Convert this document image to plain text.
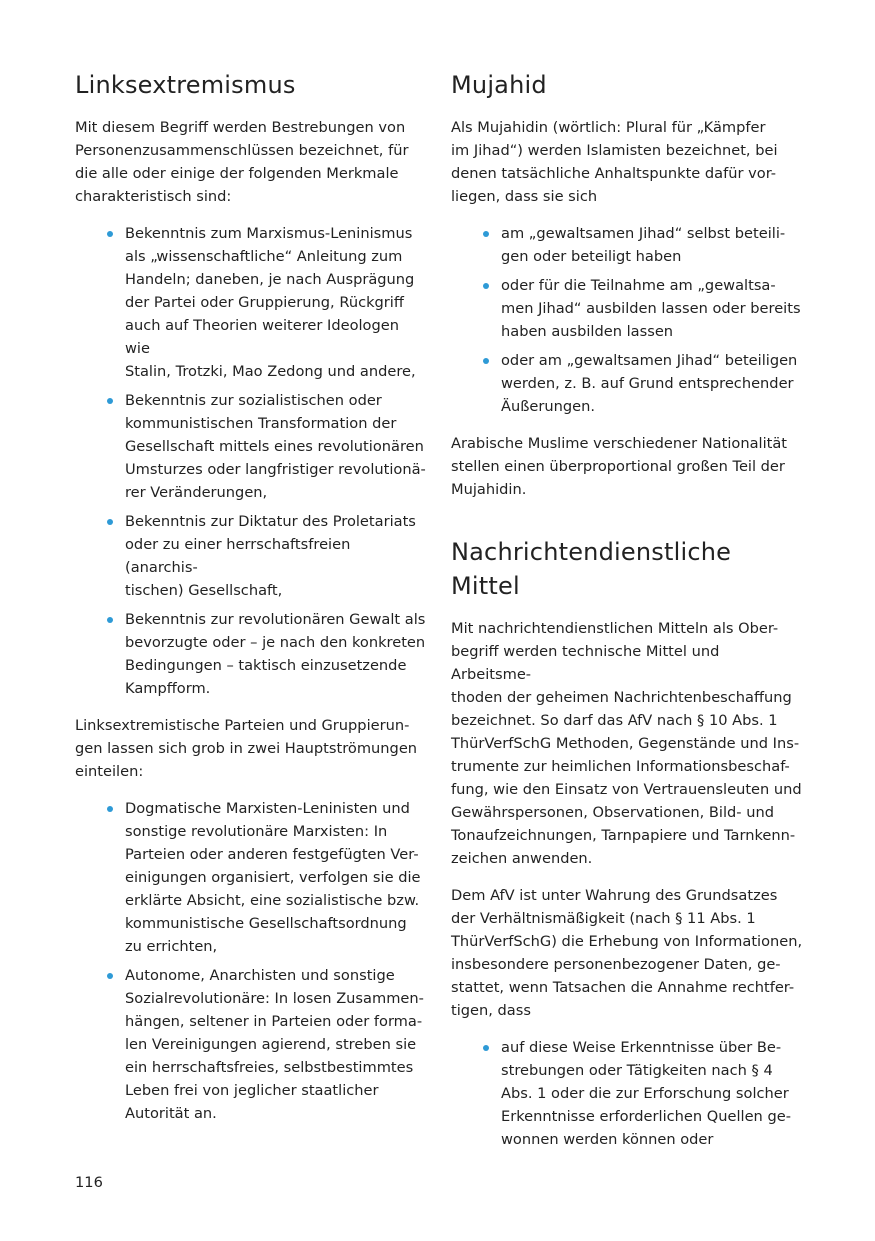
Linksextremismus

Mit diesem Begriff werden Bestrebungen von
Personenzusammenschlüssen bezeichnet, für
die alle oder einige der folgenden Merkmale
charakteristisch sind:

Bekenntnis zum Marxismus-Leninismus
als „wissenschaftliche“ Anleitung zum
Handeln; daneben, je nach Ausprägung
der Partei oder Gruppierung, Rückgriff
auch auf Theorien weiterer Ideologen wie
Stalin, Trotzki, Mao Zedong und andere,
Bekenntnis zur sozialistischen oder
kommunistischen Transformation der
Gesellschaft mittels eines revolutionären
Umsturzes oder langfristiger revolutionä-
rer Veränderungen,
Bekenntnis zur Diktatur des Proletariats
oder zu einer herrschaftsfreien (anarchis-
tischen) Gesellschaft,
Bekenntnis zur revolutionären Gewalt als
bevorzugte oder – je nach den konkreten
Bedingungen – taktisch einzusetzende
Kampfform.

Linksextremistische Parteien und Gruppierun-
gen lassen sich grob in zwei Hauptströmungen
einteilen:

Dogmatische Marxisten-Leninisten und
sonstige revolutionäre Marxisten: In
Parteien oder anderen festgefügten Ver-
einigungen organisiert, verfolgen sie die
erklärte Absicht, eine sozialistische bzw.
kommunistische Gesellschaftsordnung
zu errichten,
Autonome, Anarchisten und sonstige
Sozialrevolutionäre: In losen Zusammen-
hängen, seltener in Parteien oder forma-
len Vereinigungen agierend, streben sie
ein herrschaftsfreies, selbstbestimmtes
Leben frei von jeglicher staatlicher
Autorität an.
Mujahid

Als Mujahidin (wörtlich: Plural für „Kämpfer
im Jihad“) werden Islamisten bezeichnet, bei
denen tatsächliche Anhaltspunkte dafür vor-
liegen, dass sie sich

am „gewaltsamen Jihad“ selbst beteili-
gen oder beteiligt haben
oder für die Teilnahme am „gewaltsa-
men Jihad“ ausbilden lassen oder bereits
haben ausbilden lassen
oder am „gewaltsamen Jihad“ beteiligen
werden, z. B. auf Grund entsprechender
Äußerungen.

Arabische Muslime verschiedener Nationalität
stellen einen überproportional großen Teil der
Mujahidin.

Nachrichtendienstliche Mittel

Mit nachrichtendienstlichen Mitteln als Ober-
begriff werden technische Mittel und Arbeitsme-
thoden der geheimen Nachrichtenbeschaffung
bezeichnet. So darf das AfV nach § 10 Abs. 1
ThürVerfSchG Methoden, Gegenstände und Ins-
trumente zur heimlichen Informationsbeschaf-
fung, wie den Einsatz von Vertrauensleuten und
Gewährspersonen, Observationen, Bild- und
Tonaufzeichnungen, Tarnpapiere und Tarnkenn-
zeichen anwenden.

Dem AfV ist unter Wahrung des Grundsatzes
der Verhältnismäßigkeit (nach § 11 Abs. 1
ThürVerfSchG) die Erhebung von Informationen,
insbesondere personenbezogener Daten, ge-
stattet, wenn Tatsachen die Annahme rechtfer-
tigen, dass

auf diese Weise Erkenntnisse über Be-
strebungen oder Tätigkeiten nach § 4
Abs. 1 oder die zur Erforschung solcher
Erkenntnisse erforderlichen Quellen ge-
wonnen werden können oder
116
